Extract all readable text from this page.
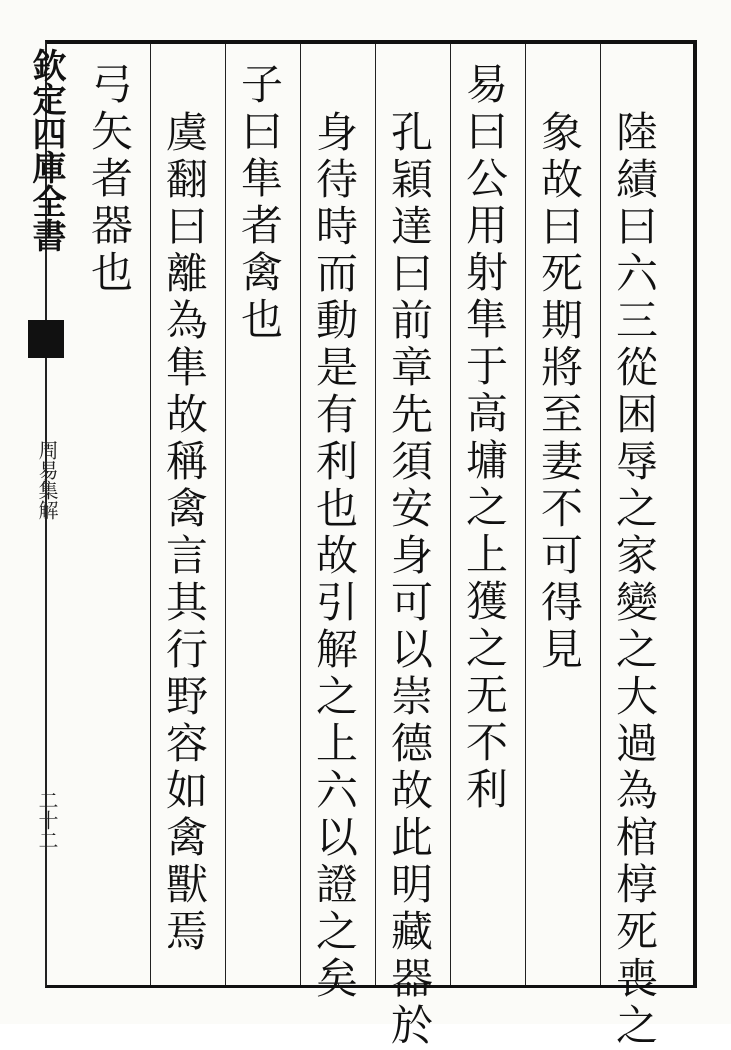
欽定四庫全書
周易集解
二十二	陸績曰六三從困辱之家變之大過為棺椁死喪之
象故曰死期將至妻不可得見
易曰公用射隼于高墉之上獲之无不利
孔穎達曰前章先須安身可以崇德故此明藏器於
身待時而動是有利也故引解之上六以證之矣
子曰隼者禽也
虞翻曰離為隼故稱禽言其行野容如禽獸焉
弓矢者器也
